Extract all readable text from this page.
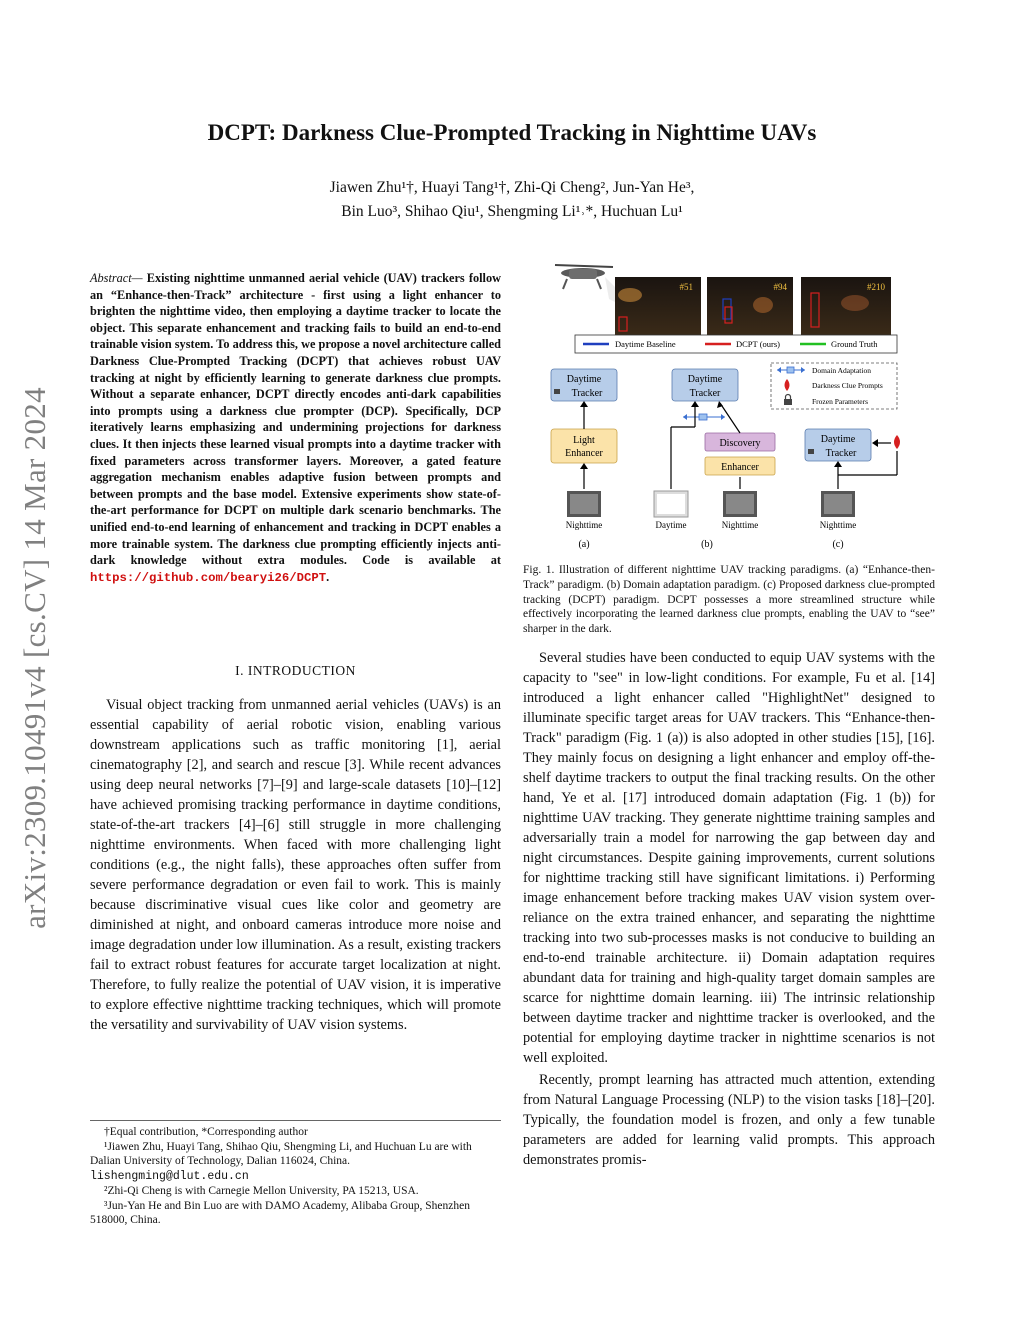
DCPT: Darkness Clue-Prompted Tracking in Nighttime UAVs
Jiawen Zhu¹†, Huayi Tang¹†, Zhi-Qi Cheng², Jun-Yan He³,
Bin Luo³, Shihao Qiu¹, Shengming Li¹˒*, Huchuan Lu¹
arXiv:2309.10491v4 [cs.CV] 14 Mar 2024
Abstract— Existing nighttime unmanned aerial vehicle (UAV) trackers follow an “Enhance-then-Track” architecture - first using a light enhancer to brighten the nighttime video, then employing a daytime tracker to locate the object. This separate enhancement and tracking fails to build an end-to-end trainable vision system. To address this, we propose a novel architecture called Darkness Clue-Prompted Tracking (DCPT) that achieves robust UAV tracking at night by efficiently learning to generate darkness clue prompts. Without a separate enhancer, DCPT directly encodes anti-dark capabilities into prompts using a darkness clue prompter (DCP). Specifically, DCP iteratively learns emphasizing and undermining projections for darkness clues. It then injects these learned visual prompts into a daytime tracker with fixed parameters across transformer layers. Moreover, a gated feature aggregation mechanism enables adaptive fusion between prompts and between prompts and the base model. Extensive experiments show state-of-the-art performance for DCPT on multiple dark scenario benchmarks. The unified end-to-end learning of enhancement and tracking in DCPT enables a more trainable system. The darkness clue prompting efficiently injects anti-dark knowledge without extra modules. Code is available at https://github.com/bearyi26/DCPT.
I. INTRODUCTION
Visual object tracking from unmanned aerial vehicles (UAVs) is an essential capability of aerial robotic vision, enabling various downstream applications such as traffic monitoring [1], aerial cinematography [2], and search and rescue [3]. While recent advances using deep neural networks [7]–[9] and large-scale datasets [10]–[12] have achieved promising tracking performance in daytime conditions, state-of-the-art trackers [4]–[6] still struggle in more challenging nighttime environments. When faced with more challenging light conditions (e.g., the night falls), these approaches often suffer from severe performance degradation or even fail to work. This is mainly because discriminative visual cues like color and geometry are diminished at night, and onboard cameras introduce more noise and image degradation under low illumination. As a result, existing trackers fail to extract robust features for accurate target localization at night. Therefore, to fully realize the potential of UAV vision, it is imperative to explore effective nighttime tracking techniques, which will promote the versatility and survivability of UAV vision systems.

†Equal contribution, *Corresponding author

¹Jiawen Zhu, Huayi Tang, Shihao Qiu, Shengming Li, and Huchuan Lu are with Dalian University of Technology, Dalian 116024, China. lishengming@dlut.edu.cn

²Zhi-Qi Cheng is with Carnegie Mellon University, PA 15213, USA.

³Jun-Yan He and Bin Luo are with DAMO Academy, Alibaba Group, Shenzhen 518000, China.

#51	#94	#210
Daytime Baseline	DCPT (ours)	Ground Truth
Domain Adaptation
Darkness Clue Prompts
Frozen Parameters
Daytime
Tracker
Light
Enhancer
Nighttime
(a)
Daytime
Tracker
Discovery
Enhancer
Daytime	Nighttime
(b)
Daytime
Tracker
Nighttime
(c)
Fig. 1. Illustration of different nighttime UAV tracking paradigms. (a) “Enhance-then-Track” paradigm. (b) Domain adaptation paradigm. (c) Proposed darkness clue-prompted tracking (DCPT) paradigm. DCPT possesses a more streamlined structure while effectively incorporating the learned darkness clue prompts, enabling the UAV to “see” sharper in the dark.

Several studies have been conducted to equip UAV systems with the capacity to "see" in low-light conditions. For example, Fu et al. [14] introduced a light enhancer called "HighlightNet" designed to illuminate specific target areas for UAV trackers. This “Enhance-then-Track" paradigm (Fig. 1 (a)) is also adopted in other studies [15], [16]. They mainly focus on designing a light enhancer and employ off-the-shelf daytime trackers to output the final tracking results. On the other hand, Ye et al. [17] introduced domain adaptation (Fig. 1 (b)) for nighttime UAV tracking. They generate nighttime training samples and adversarially train a model for narrowing the gap between day and night circumstances. Despite gaining improvements, current solutions for nighttime tracking still have significant limitations. i) Performing image enhancement before tracking makes UAV vision system over-reliance on the extra trained enhancer, and separating the nighttime tracking into two sub-processes masks is not conducive to building an end-to-end trainable architecture. ii) Domain adaptation requires abundant data for training and high-quality target domain samples are scarce for nighttime domain learning. iii) The intrinsic relationship between daytime tracker and nighttime tracker is overlooked, and the potential for employing daytime tracker in nighttime scenarios is not well exploited.

Recently, prompt learning has attracted much attention, extending from Natural Language Processing (NLP) to the vision tasks [18]–[20]. Typically, the foundation model is frozen, and only a few tunable parameters are added for learning valid prompts. This approach demonstrates promis-
